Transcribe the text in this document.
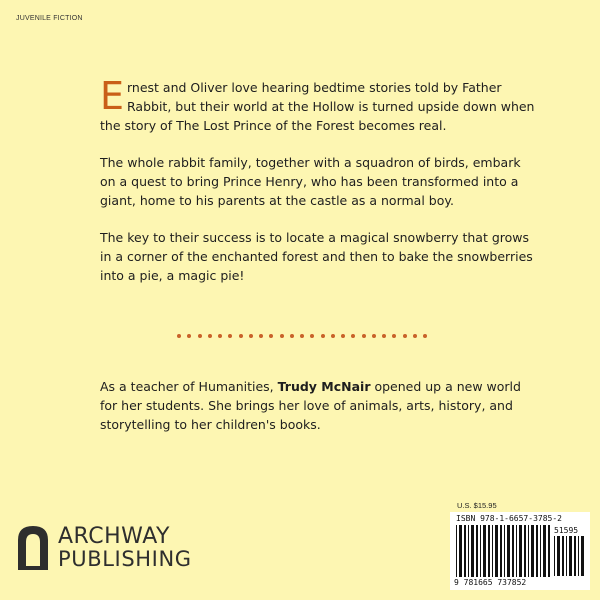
JUVENILE FICTION

Ernest and Oliver love hearing bedtime stories told by Father Rabbit, but their world at the Hollow is turned upside down when the story of The Lost Prince of the Forest becomes real.

The whole rabbit family, together with a squadron of birds, embark on a quest to bring Prince Henry, who has been transformed into a giant, home to his parents at the castle as a normal boy.

The key to their success is to locate a magical snowberry that grows in a corner of the enchanted forest and then to bake the snowberries into a pie, a magic pie!

As a teacher of Humanities, Trudy McNair opened up a new world for her students. She brings her love of animals, arts, history, and storytelling to her children's books.
ARCHWAY
PUBLISHING
U.S. $15.95
ISBN 978-1-6657-3785-2
51595
9 781665 737852
